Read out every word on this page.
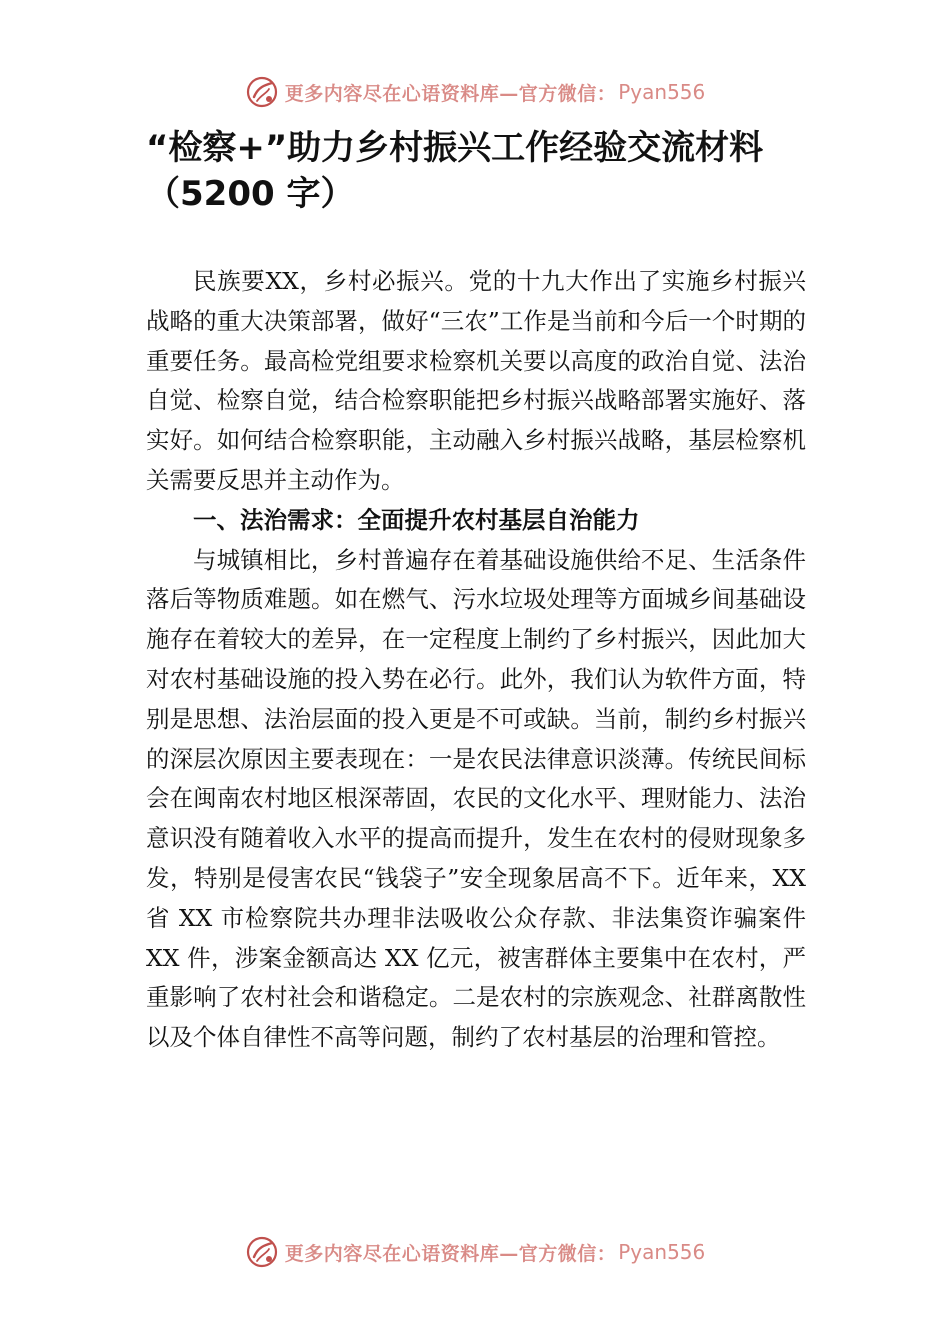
更多内容尽在心语资料库—官方微信： Pyan556
“检察+”助力乡村振兴工作经验交流材料（5200 字）

民族要XX，乡村必振兴。党的十九大作出了实施乡村振兴战略的重大决策部署，做好“三农”工作是当前和今后一个时期的重要任务。最高检党组要求检察机关要以高度的政治自觉、法治自觉、检察自觉，结合检察职能把乡村振兴战略部署实施好、落实好。如何结合检察职能，主动融入乡村振兴战略，基层检察机关需要反思并主动作为。

一、法治需求：全面提升农村基层自治能力

与城镇相比，乡村普遍存在着基础设施供给不足、生活条件落后等物质难题。如在燃气、污水垃圾处理等方面城乡间基础设施存在着较大的差异，在一定程度上制约了乡村振兴，因此加大对农村基础设施的投入势在必行。此外，我们认为软件方面，特别是思想、法治层面的投入更是不可或缺。当前，制约乡村振兴的深层次原因主要表现在：一是农民法律意识淡薄。传统民间标会在闽南农村地区根深蒂固，农民的文化水平、理财能力、法治意识没有随着收入水平的提高而提升，发生在农村的侵财现象多发，特别是侵害农民“钱袋子”安全现象居高不下。近年来，XX 省 XX 市检察院共办理非法吸收公众存款、非法集资诈骗案件 XX 件，涉案金额高达 XX 亿元，被害群体主要集中在农村，严重影响了农村社会和谐稳定。二是农村的宗族观念、社群离散性以及个体自律性不高等问题，制约了农村基层的治理和管控。

更多内容尽在心语资料库—官方微信： Pyan556
